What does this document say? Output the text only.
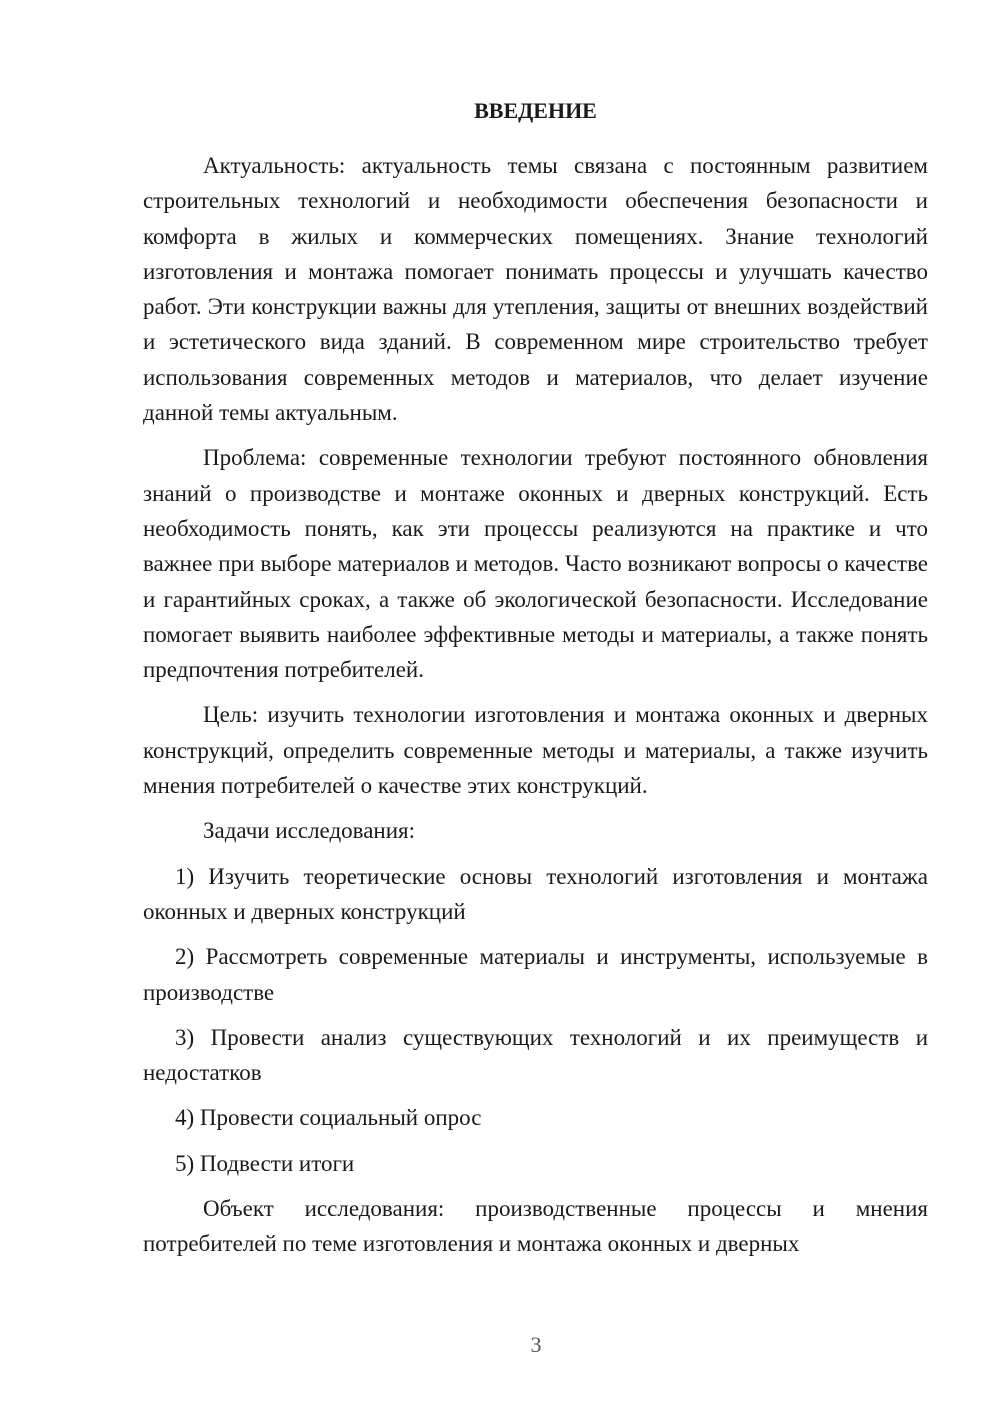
ВВЕДЕНИЕ

Актуальность: актуальность темы связана с постоянным развитием строительных технологий и необходимости обеспечения безопасности и комфорта в жилых и коммерческих помещениях. Знание технологий изготовления и монтажа помогает понимать процессы и улучшать качество работ. Эти конструкции важны для утепления, защиты от внешних воздействий и эстетического вида зданий. В современном мире строительство требует использования современных методов и материалов, что делает изучение данной темы актуальным.

Проблема: современные технологии требуют постоянного обновления знаний о производстве и монтаже оконных и дверных конструкций. Есть необходимость понять, как эти процессы реализуются на практике и что важнее при выборе материалов и методов. Часто возникают вопросы о качестве и гарантийных сроках, а также об экологической безопасности. Исследование помогает выявить наиболее эффективные методы и материалы, а также понять предпочтения потребителей.

Цель: изучить технологии изготовления и монтажа оконных и дверных конструкций, определить современные методы и материалы, а также изучить мнения потребителей о качестве этих конструкций.

Задачи исследования:

1) Изучить теоретические основы технологий изготовления и монтажа оконных и дверных конструкций

2) Рассмотреть современные материалы и инструменты, используемые в производстве

3) Провести анализ существующих технологий и их преимуществ и недостатков

4) Провести социальный опрос

5) Подвести итоги

Объект исследования: производственные процессы и мнения потребителей по теме изготовления и монтажа оконных и дверных

3
